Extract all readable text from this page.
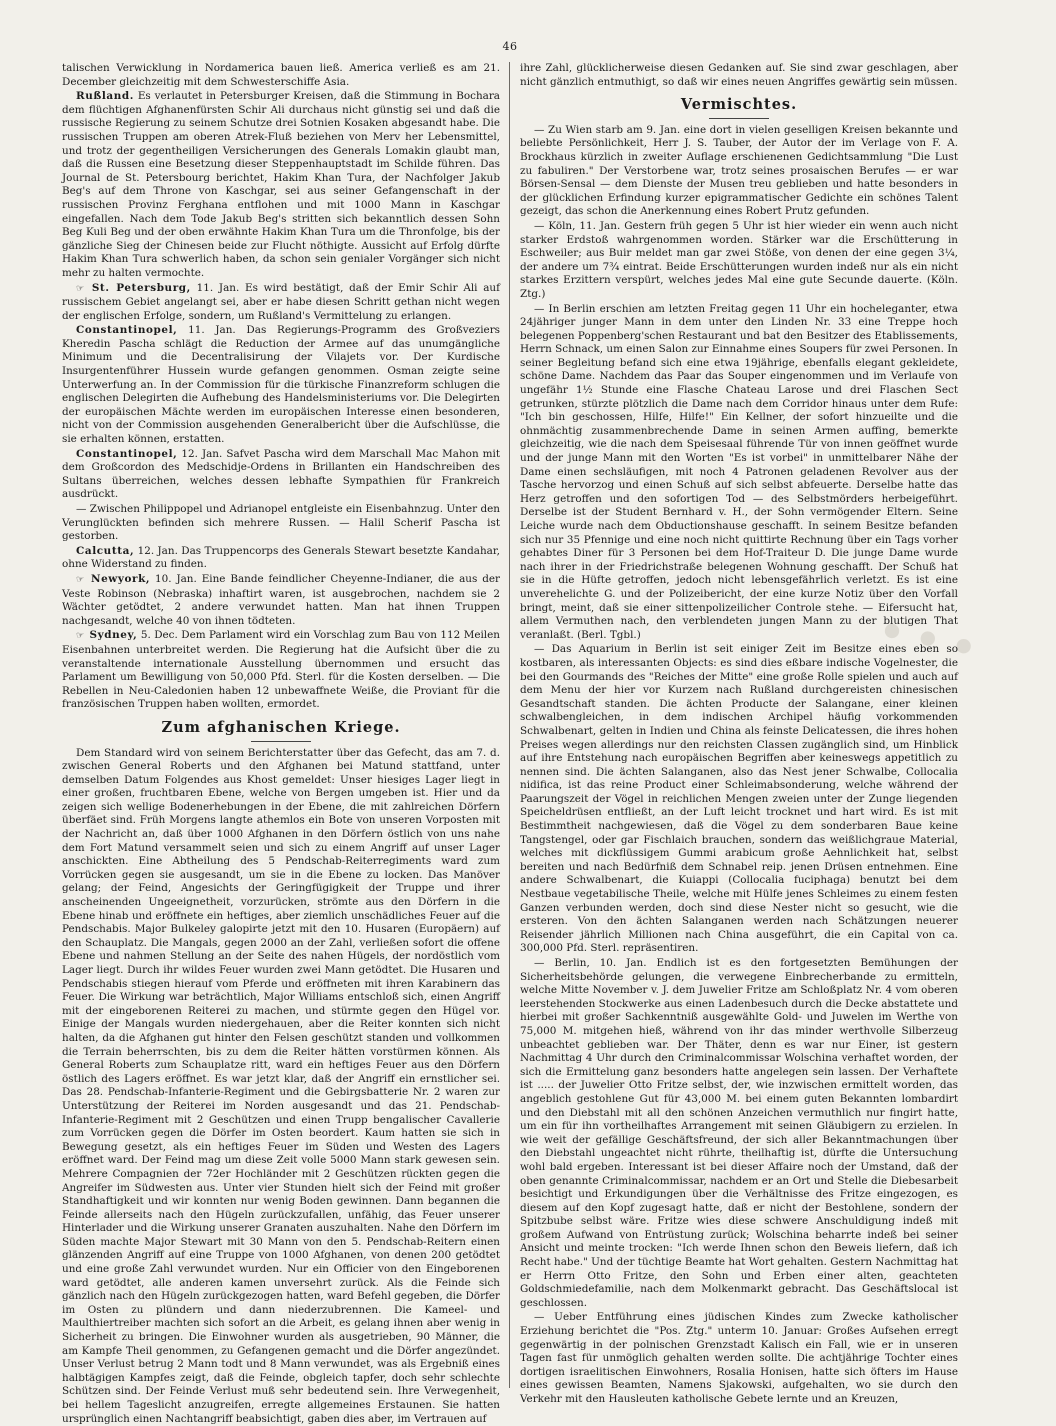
…
46

talischen Verwicklung in Nordamerica bauen ließ. America verließ es am 21. December gleichzeitig mit dem Schwesterschiffe Asia.

Rußland. Es verlautet in Petersburger Kreisen, daß die Stimmung in Bochara dem flüchtigen Afghanenfürsten Schir Ali durchaus nicht günstig sei und daß die russische Regierung zu seinem Schutze drei Sotnien Kosaken abgesandt habe. Die russischen Truppen am oberen Atrek-Fluß beziehen von Merv her Lebensmittel, und trotz der gegentheiligen Versicherungen des Generals Lomakin glaubt man, daß die Russen eine Besetzung dieser Steppenhauptstadt im Schilde führen. Das Journal de St. Petersbourg berichtet, Hakim Khan Tura, der Nachfolger Jakub Beg's auf dem Throne von Kaschgar, sei aus seiner Gefangenschaft in der russischen Provinz Ferghana entflohen und mit 1000 Mann in Kaschgar eingefallen. Nach dem Tode Jakub Beg's stritten sich bekanntlich dessen Sohn Beg Kuli Beg und der oben erwähnte Hakim Khan Tura um die Thronfolge, bis der gänzliche Sieg der Chinesen beide zur Flucht nöthigte. Aussicht auf Erfolg dürfte Hakim Khan Tura schwerlich haben, da schon sein genialer Vorgänger sich nicht mehr zu halten vermochte.

☞ St. Petersburg, 11. Jan. Es wird bestätigt, daß der Emir Schir Ali auf russischem Gebiet angelangt sei, aber er habe diesen Schritt gethan nicht wegen der englischen Erfolge, sondern, um Rußland's Vermittelung zu erlangen.

Constantinopel, 11. Jan. Das Regierungs-Programm des Großveziers Kheredin Pascha schlägt die Reduction der Armee auf das unumgängliche Minimum und die Decentralisirung der Vilajets vor. Der Kurdische Insurgentenführer Hussein wurde gefangen genommen. Osman zeigte seine Unterwerfung an. In der Commission für die türkische Finanzreform schlugen die englischen Delegirten die Aufhebung des Handelsministeriums vor. Die Delegirten der europäischen Mächte werden im europäischen Interesse einen besonderen, nicht von der Commission ausgehenden Generalbericht über die Aufschlüsse, die sie erhalten können, erstatten.

Constantinopel, 12. Jan. Safvet Pascha wird dem Marschall Mac Mahon mit dem Großcordon des Medschidje-Ordens in Brillanten ein Handschreiben des Sultans überreichen, welches dessen lebhafte Sympathien für Frankreich ausdrückt.

— Zwischen Philippopel und Adrianopel entgleiste ein Eisenbahnzug. Unter den Verunglückten befinden sich mehrere Russen. — Halil Scherif Pascha ist gestorben.

Calcutta, 12. Jan. Das Truppencorps des Generals Stewart besetzte Kandahar, ohne Widerstand zu finden.

☞ Newyork, 10. Jan. Eine Bande feindlicher Cheyenne-Indianer, die aus der Veste Robinson (Nebraska) inhaftirt waren, ist ausgebrochen, nachdem sie 2 Wächter getödtet, 2 andere verwundet hatten. Man hat ihnen Truppen nachgesandt, welche 40 von ihnen tödteten.

☞ Sydney, 5. Dec. Dem Parlament wird ein Vorschlag zum Bau von 112 Meilen Eisenbahnen unterbreitet werden. Die Regierung hat die Aufsicht über die zu veranstaltende internationale Ausstellung übernommen und ersucht das Parlament um Bewilligung von 50,000 Pfd. Sterl. für die Kosten derselben. — Die Rebellen in Neu-Caledonien haben 12 unbewaffnete Weiße, die Proviant für die französischen Truppen haben wollten, ermordet.

Zum afghanischen Kriege.

Dem Standard wird von seinem Berichterstatter über das Gefecht, das am 7. d. zwischen General Roberts und den Afghanen bei Matund stattfand, unter demselben Datum Folgendes aus Khost gemeldet: Unser hiesiges Lager liegt in einer großen, fruchtbaren Ebene, welche von Bergen umgeben ist. Hier und da zeigen sich wellige Bodenerhebungen in der Ebene, die mit zahlreichen Dörfern überfäet sind. Früh Morgens langte athemlos ein Bote von unseren Vorposten mit der Nachricht an, daß über 1000 Afghanen in den Dörfern östlich von uns nahe dem Fort Matund versammelt seien und sich zu einem Angriff auf unser Lager anschickten. Eine Abtheilung des 5 Pendschab-Reiterregiments ward zum Vorrücken gegen sie ausgesandt, um sie in die Ebene zu locken. Das Manöver gelang; der Feind, Angesichts der Geringfügigkeit der Truppe und ihrer anscheinenden Ungeeignetheit, vorzurücken, strömte aus den Dörfern in die Ebene hinab und eröffnete ein heftiges, aber ziemlich unschädliches Feuer auf die Pendschabis. Major Bulkeley galopirte jetzt mit den 10. Husaren (Europäern) auf den Schauplatz. Die Mangals, gegen 2000 an der Zahl, verließen sofort die offene Ebene und nahmen Stellung an der Seite des nahen Hügels, der nordöstlich vom Lager liegt. Durch ihr wildes Feuer wurden zwei Mann getödtet. Die Husaren und Pendschabis stiegen hierauf vom Pferde und eröffneten mit ihren Karabinern das Feuer. Die Wirkung war beträchtlich, Major Williams entschloß sich, einen Angriff mit der eingeborenen Reiterei zu machen, und stürmte gegen den Hügel vor. Einige der Mangals wurden niedergehauen, aber die Reiter konnten sich nicht halten, da die Afghanen gut hinter den Felsen geschützt standen und vollkommen die Terrain beherrschten, bis zu dem die Reiter hätten vorstürmen können. Als General Roberts zum Schauplatze ritt, ward ein heftiges Feuer aus den Dörfern östlich des Lagers eröffnet. Es war jetzt klar, daß der Angriff ein ernstlicher sei. Das 28. Pendschab-Infanterie-Regiment und die Gebirgsbatterie Nr. 2 waren zur Unterstützung der Reiterei im Norden ausgesandt und das 21. Pendschab-Infanterie-Regiment mit 2 Geschützen und einen Trupp bengalischer Cavallerie zum Vorrücken gegen die Dörfer im Osten beordert. Kaum hatten sie sich in Bewegung gesetzt, als ein heftiges Feuer im Süden und Westen des Lagers eröffnet ward. Der Feind mag um diese Zeit volle 5000 Mann stark gewesen sein. Mehrere Compagnien der 72er Hochländer mit 2 Geschützen rückten gegen die Angreifer im Südwesten aus. Unter vier Stunden hielt sich der Feind mit großer Standhaftigkeit und wir konnten nur wenig Boden gewinnen. Dann begannen die Feinde allerseits nach den Hügeln zurückzufallen, unfähig, das Feuer unserer Hinterlader und die Wirkung unserer Granaten auszuhalten. Nahe den Dörfern im Süden machte Major Stewart mit 30 Mann von den 5. Pendschab-Reitern einen glänzenden Angriff auf eine Truppe von 1000 Afghanen, von denen 200 getödtet und eine große Zahl verwundet wurden. Nur ein Officier von den Eingeborenen ward getödtet, alle anderen kamen unversehrt zurück. Als die Feinde sich gänzlich nach den Hügeln zurückgezogen hatten, ward Befehl gegeben, die Dörfer im Osten zu plündern und dann niederzubrennen. Die Kameel- und Maulthiertreiber machten sich sofort an die Arbeit, es gelang ihnen aber wenig in Sicherheit zu bringen. Die Einwohner wurden als ausgetrieben, 90 Männer, die am Kampfe Theil genommen, zu Gefangenen gemacht und die Dörfer angezündet. Unser Verlust betrug 2 Mann todt und 8 Mann verwundet, was als Ergebniß eines halbtägigen Kampfes zeigt, daß die Feinde, obgleich tapfer, doch sehr schlechte Schützen sind. Der Feinde Verlust muß sehr bedeutend sein. Ihre Verwegenheit, bei hellem Tageslicht anzugreifen, erregte allgemeines Erstaunen. Sie hatten ursprünglich einen Nachtangriff beabsichtigt, gaben dies aber, im Vertrauen auf

ihre Zahl, glücklicherweise diesen Gedanken auf. Sie sind zwar geschlagen, aber nicht gänzlich entmuthigt, so daß wir eines neuen Angriffes gewärtig sein müssen.

Vermischtes.

— Zu Wien starb am 9. Jan. eine dort in vielen geselligen Kreisen bekannte und beliebte Persönlichkeit, Herr J. S. Tauber, der Autor der im Verlage von F. A. Brockhaus kürzlich in zweiter Auflage erschienenen Gedichtsammlung "Die Lust zu fabuliren." Der Verstorbene war, trotz seines prosaischen Berufes — er war Börsen-Sensal — dem Dienste der Musen treu geblieben und hatte besonders in der glücklichen Erfindung kurzer epigrammatischer Gedichte ein schönes Talent gezeigt, das schon die Anerkennung eines Robert Prutz gefunden.

— Köln, 11. Jan. Gestern früh gegen 5 Uhr ist hier wieder ein wenn auch nicht starker Erdstoß wahrgenommen worden. Stärker war die Erschütterung in Eschweiler; aus Buir meldet man gar zwei Stöße, von denen der eine gegen 3¼, der andere um 7¾ eintrat. Beide Erschütterungen wurden indeß nur als ein nicht starkes Erzittern verspürt, welches jedes Mal eine gute Secunde dauerte. (Köln. Ztg.)

— In Berlin erschien am letzten Freitag gegen 11 Uhr ein hocheleganter, etwa 24jähriger junger Mann in dem unter den Linden Nr. 33 eine Treppe hoch belegenen Poppenberg'schen Restaurant und bat den Besitzer des Etablissements, Herrn Schnack, um einen Salon zur Einnahme eines Soupers für zwei Personen. In seiner Begleitung befand sich eine etwa 19jährige, ebenfalls elegant gekleidete, schöne Dame. Nachdem das Paar das Souper eingenommen und im Verlaufe von ungefähr 1½ Stunde eine Flasche Chateau Larose und drei Flaschen Sect getrunken, stürzte plötzlich die Dame nach dem Corridor hinaus unter dem Rufe: "Ich bin geschossen, Hilfe, Hilfe!" Ein Kellner, der sofort hinzueilte und die ohnmächtig zusammenbrechende Dame in seinen Armen auffing, bemerkte gleichzeitig, wie die nach dem Speisesaal führende Tür von innen geöffnet wurde und der junge Mann mit den Worten "Es ist vorbei" in unmittelbarer Nähe der Dame einen sechsläufigen, mit noch 4 Patronen geladenen Revolver aus der Tasche hervorzog und einen Schuß auf sich selbst abfeuerte. Derselbe hatte das Herz getroffen und den sofortigen Tod — des Selbstmörders herbeigeführt. Derselbe ist der Student Bernhard v. H., der Sohn vermögender Eltern. Seine Leiche wurde nach dem Obductionshause geschafft. In seinem Besitze befanden sich nur 35 Pfennige und eine noch nicht quittirte Rechnung über ein Tags vorher gehabtes Diner für 3 Personen bei dem Hof-Traiteur D. Die junge Dame wurde nach ihrer in der Friedrichstraße belegenen Wohnung geschafft. Der Schuß hat sie in die Hüfte getroffen, jedoch nicht lebensgefährlich verletzt. Es ist eine unverehelichte G. und der Polizeibericht, der eine kurze Notiz über den Vorfall bringt, meint, daß sie einer sittenpolizeilicher Controle stehe. — Eifersucht hat, allem Vermuthen nach, den verblendeten jungen Mann zu der blutigen That veranlaßt. (Berl. Tgbl.)

— Das Aquarium in Berlin ist seit einiger Zeit im Besitze eines eben so kostbaren, als interessanten Objects: es sind dies eßbare indische Vogelnester, die bei den Gourmands des "Reiches der Mitte" eine große Rolle spielen und auch auf dem Menu der hier vor Kurzem nach Rußland durchgereisten chinesischen Gesandtschaft standen. Die ächten Producte der Salangane, einer kleinen schwalbengleichen, in dem indischen Archipel häufig vorkommenden Schwalbenart, gelten in Indien und China als feinste Delicatessen, die ihres hohen Preises wegen allerdings nur den reichsten Classen zugänglich sind, um Hinblick auf ihre Entstehung nach europäischen Begriffen aber keineswegs appetitlich zu nennen sind. Die ächten Salanganen, also das Nest jener Schwalbe, Collocalia nidifica, ist das reine Product einer Schleimabsonderung, welche während der Paarungszeit der Vögel in reichlichen Mengen zweien unter der Zunge liegenden Speicheldrüsen entfließt, an der Luft leicht trocknet und hart wird. Es ist mit Bestimmtheit nachgewiesen, daß die Vögel zu dem sonderbaren Baue keine Tangstengel, oder gar Fischlaich brauchen, sondern das weißlichgraue Material, welches mit dickflüssigem Gummi arabicum große Aehnlichkeit hat, selbst bereiten und nach Bedürfniß dem Schnabel reip. jenen Drüsen entnehmen. Eine andere Schwalbenart, die Kuiappi (Collocalia fuciphaga) benutzt bei dem Nestbaue vegetabilische Theile, welche mit Hülfe jenes Schleimes zu einem festen Ganzen verbunden werden, doch sind diese Nester nicht so gesucht, wie die ersteren. Von den ächten Salanganen werden nach Schätzungen neuerer Reisender jährlich Millionen nach China ausgeführt, die ein Capital von ca. 300,000 Pfd. Sterl. repräsentiren.

— Berlin, 10. Jan. Endlich ist es den fortgesetzten Bemühungen der Sicherheitsbehörde gelungen, die verwegene Einbrecherbande zu ermitteln, welche Mitte November v. J. dem Juwelier Fritze am Schloßplatz Nr. 4 vom oberen leerstehenden Stockwerke aus einen Ladenbesuch durch die Decke abstattete und hierbei mit großer Sachkenntniß ausgewählte Gold- und Juwelen im Werthe von 75,000 M. mitgehen hieß, während von ihr das minder werthvolle Silberzeug unbeachtet geblieben war. Der Thäter, denn es war nur Einer, ist gestern Nachmittag 4 Uhr durch den Criminalcommissar Wolschina verhaftet worden, der sich die Ermittelung ganz besonders hatte angelegen sein lassen. Der Verhaftete ist ..... der Juwelier Otto Fritze selbst, der, wie inzwischen ermittelt worden, das angeblich gestohlene Gut für 43,000 M. bei einem guten Bekannten lombardirt und den Diebstahl mit all den schönen Anzeichen vermuthlich nur fingirt hatte, um ein für ihn vortheilhaftes Arrangement mit seinen Gläubigern zu erzielen. In wie weit der gefällige Geschäftsfreund, der sich aller Bekanntmachungen über den Diebstahl ungeachtet nicht rührte, theilhaftig ist, dürfte die Untersuchung wohl bald ergeben. Interessant ist bei dieser Affaire noch der Umstand, daß der oben genannte Criminalcommissar, nachdem er an Ort und Stelle die Diebesarbeit besichtigt und Erkundigungen über die Verhältnisse des Fritze eingezogen, es diesem auf den Kopf zugesagt hatte, daß er nicht der Bestohlene, sondern der Spitzbube selbst wäre. Fritze wies diese schwere Anschuldigung indeß mit großem Aufwand von Entrüstung zurück; Wolschina beharrte indeß bei seiner Ansicht und meinte trocken: "Ich werde Ihnen schon den Beweis liefern, daß ich Recht habe." Und der tüchtige Beamte hat Wort gehalten. Gestern Nachmittag hat er Herrn Otto Fritze, den Sohn und Erben einer alten, geachteten Goldschmiedefamilie, nach dem Molkenmarkt gebracht. Das Geschäftslocal ist geschlossen.

— Ueber Entführung eines jüdischen Kindes zum Zwecke katholischer Erziehung berichtet die "Pos. Ztg." unterm 10. Januar: Großes Aufsehen erregt gegenwärtig in der polnischen Grenzstadt Kalisch ein Fall, wie er in unseren Tagen fast für unmöglich gehalten werden sollte. Die achtjährige Tochter eines dortigen israelitischen Einwohners, Rosalia Honisen, hatte sich öfters im Hause eines gewissen Beamten, Namens Sjakowski, aufgehalten, wo sie durch den Verkehr mit den Hausleuten katholische Gebete lernte und an Kreuzen,
